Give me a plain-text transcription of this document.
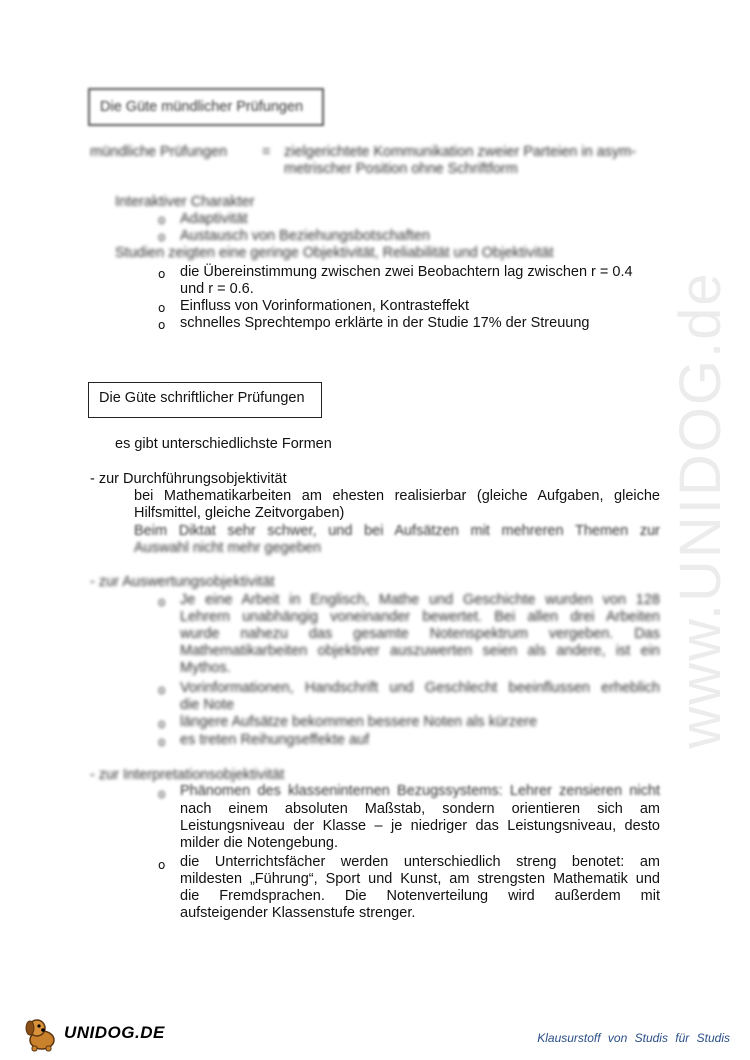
www.UNIDOG.de
Die Güte mündlicher Prüfungen
mündliche Prüfungen = zielgerichtete Kommunikation zweier Parteien in asym-
metrischer Position ohne Schriftform
Interaktiver Charakter
o Adaptivität
o Austausch von Beziehungsbotschaften
Studien zeigten eine geringe Objektivität, Reliabilität und Objektivität
o die Übereinstimmung zwischen zwei Beobachtern lag zwischen r = 0.4
und r = 0.6.
o Einfluss von Vorinformationen, Kontrasteffekt
o schnelles Sprechtempo erklärte in der Studie 17% der Streuung
Die Güte schriftlicher Prüfungen
es gibt unterschiedlichste Formen
- zur Durchführungsobjektivität
bei Mathematikarbeiten am ehesten realisierbar (gleiche Aufgaben, gleiche
Hilfsmittel, gleiche Zeitvorgaben)
Beim Diktat sehr schwer, und bei Aufsätzen mit mehreren Themen zur
Auswahl nicht mehr gegeben
- zur Auswertungsobjektivität
o Je eine Arbeit in Englisch, Mathe und Geschichte wurden von 128
Lehrern unabhängig voneinander bewertet. Bei allen drei Arbeiten
wurde nahezu das gesamte Notenspektrum vergeben. Das
Mathematikarbeiten objektiver auszuwerten seien als andere, ist ein
Mythos.
o Vorinformationen, Handschrift und Geschlecht beeinflussen erheblich
die Note
o längere Aufsätze bekommen bessere Noten als kürzere
o es treten Reihungseffekte auf
- zur Interpretationsobjektivität
o Phänomen des klasseninternen Bezugssystems: Lehrer zensieren nicht
nach einem absoluten Maßstab, sondern orientieren sich am
Leistungsniveau der Klasse – je niedriger das Leistungsniveau, desto
milder die Notengebung.
o die Unterrichtsfächer werden unterschiedlich streng benotet: am
mildesten „Führung“, Sport und Kunst, am strengsten Mathematik und
die Fremdsprachen. Die Notenverteilung wird außerdem mit
aufsteigender Klassenstufe strenger.
UNIDOG.DE	Klausurstoff von Studis für Studis
